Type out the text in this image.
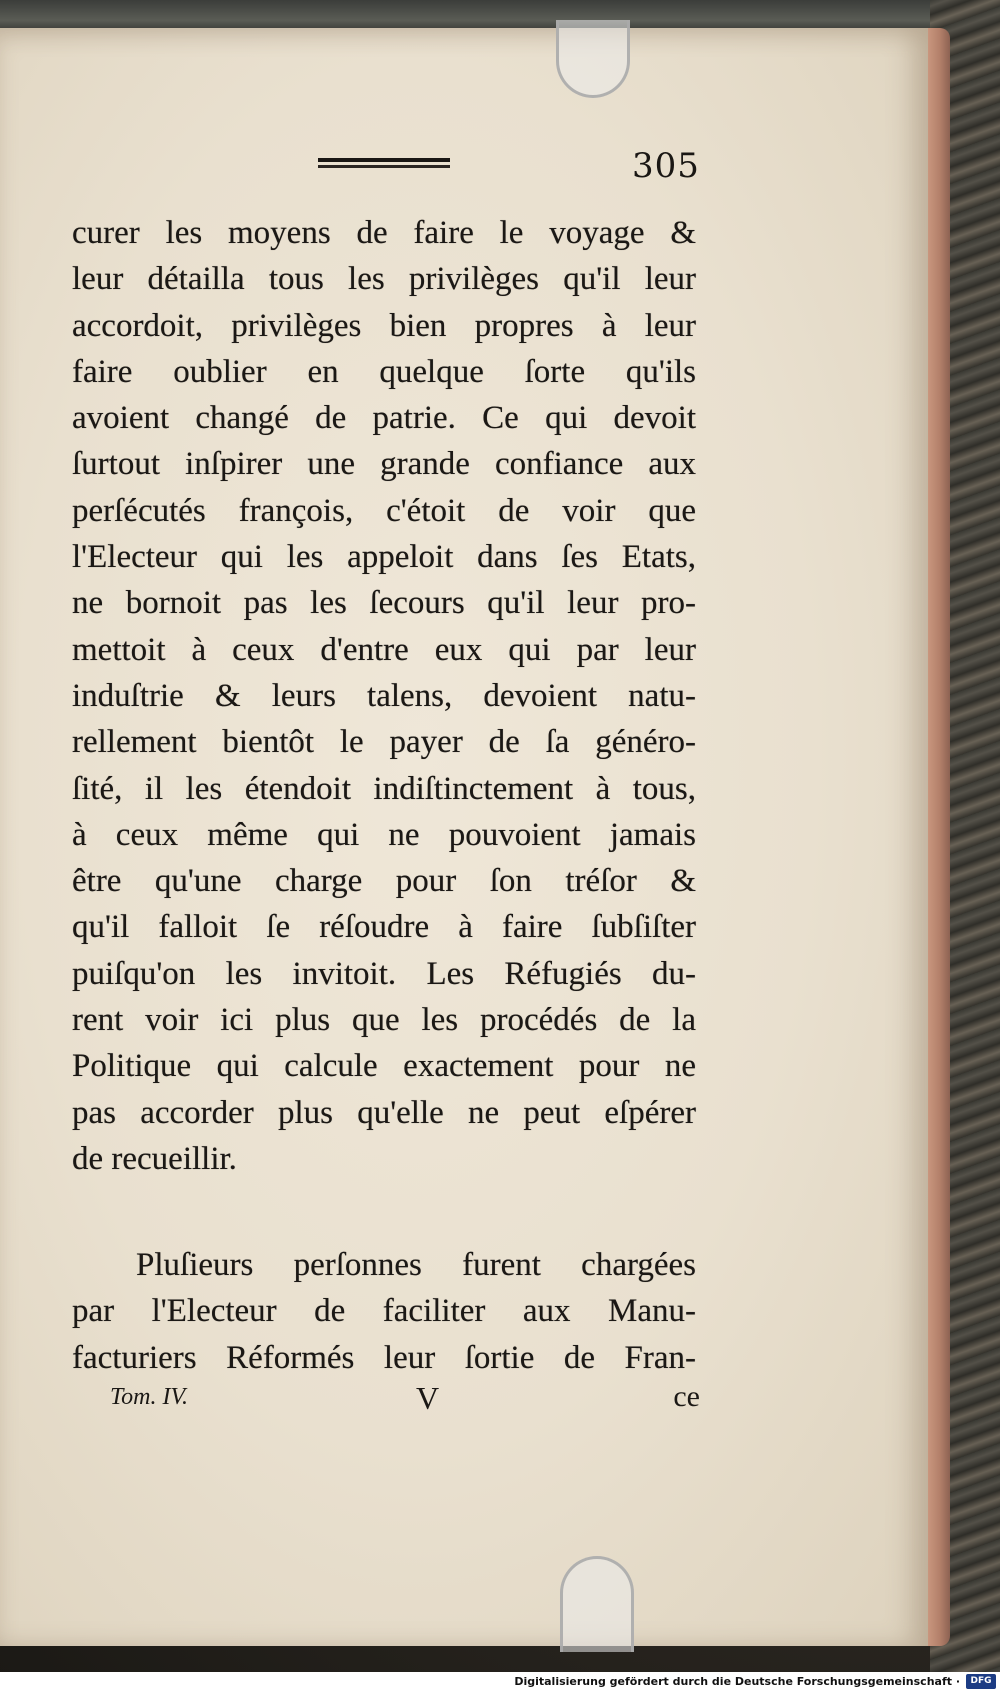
305
curer les moyens de faire le voyage &
leur détailla tous les privilèges qu'il leur
accordoit, privilèges bien propres à leur
faire oublier en quelque ſorte qu'ils
avoient changé de patrie. Ce qui devoit
ſurtout inſpirer une grande confiance aux
perſécutés françois, c'étoit de voir que
l'Electeur qui les appeloit dans ſes Etats,
ne bornoit pas les ſecours qu'il leur pro-
mettoit à ceux d'entre eux qui par leur
induſtrie & leurs talens, devoient natu-
rellement bientôt le payer de ſa généro-
ſité, il les étendoit indiſtinctement à tous,
à ceux même qui ne pouvoient jamais
être qu'une charge pour ſon tréſor &
qu'il falloit ſe réſoudre à faire ſubſiſter
puiſqu'on les invitoit. Les Réfugiés du-
rent voir ici plus que les procédés de la
Politique qui calcule exactement pour ne
pas accorder plus qu'elle ne peut eſpérer
de recueillir.
Pluſieurs perſonnes furent chargées
par l'Electeur de faciliter aux Manu-
facturiers Réformés leur ſortie de Fran-
Tom. IV.	V	ce
Digitalisierung gefördert durch die Deutsche Forschungsgemeinschaft ·	DFG
